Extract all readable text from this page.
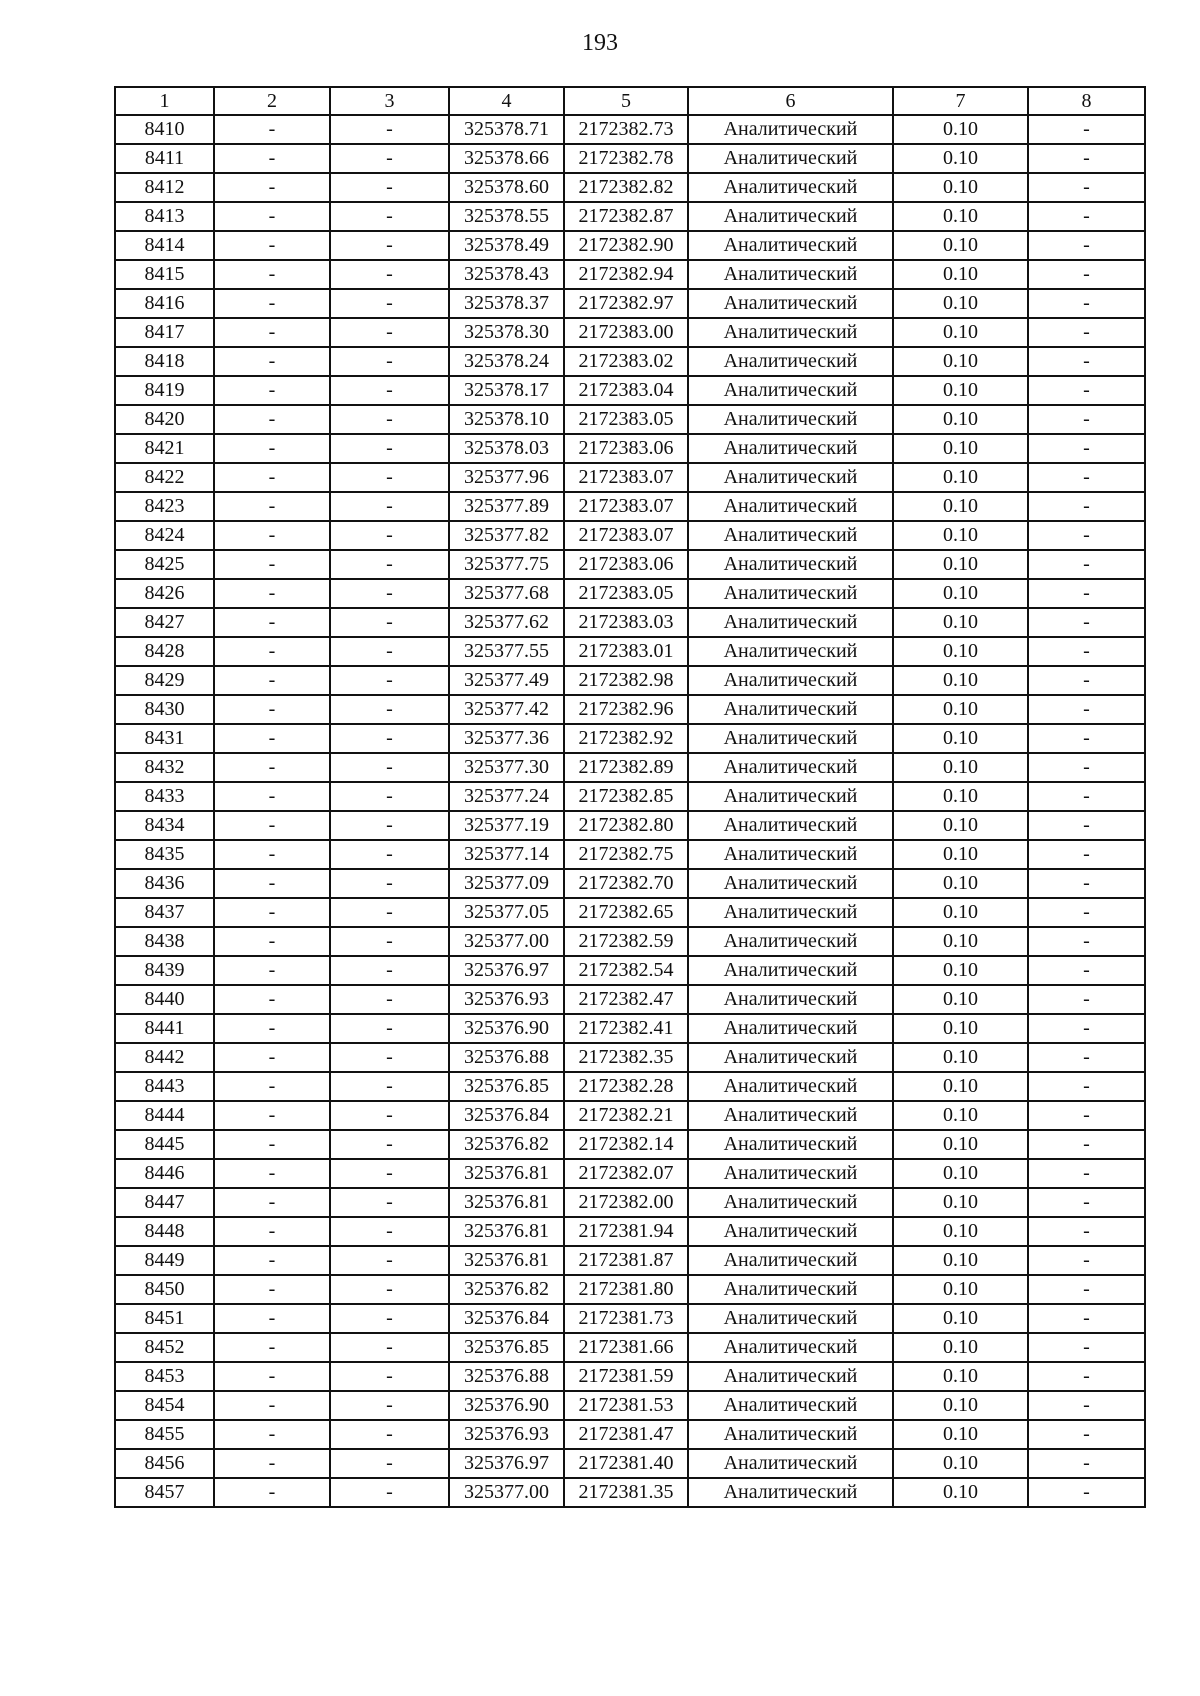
193
1	2	3	4	5	6	7	8
8410	-	-	325378.71	2172382.73	Аналитический	0.10	-
8411	-	-	325378.66	2172382.78	Аналитический	0.10	-
8412	-	-	325378.60	2172382.82	Аналитический	0.10	-
8413	-	-	325378.55	2172382.87	Аналитический	0.10	-
8414	-	-	325378.49	2172382.90	Аналитический	0.10	-
8415	-	-	325378.43	2172382.94	Аналитический	0.10	-
8416	-	-	325378.37	2172382.97	Аналитический	0.10	-
8417	-	-	325378.30	2172383.00	Аналитический	0.10	-
8418	-	-	325378.24	2172383.02	Аналитический	0.10	-
8419	-	-	325378.17	2172383.04	Аналитический	0.10	-
8420	-	-	325378.10	2172383.05	Аналитический	0.10	-
8421	-	-	325378.03	2172383.06	Аналитический	0.10	-
8422	-	-	325377.96	2172383.07	Аналитический	0.10	-
8423	-	-	325377.89	2172383.07	Аналитический	0.10	-
8424	-	-	325377.82	2172383.07	Аналитический	0.10	-
8425	-	-	325377.75	2172383.06	Аналитический	0.10	-
8426	-	-	325377.68	2172383.05	Аналитический	0.10	-
8427	-	-	325377.62	2172383.03	Аналитический	0.10	-
8428	-	-	325377.55	2172383.01	Аналитический	0.10	-
8429	-	-	325377.49	2172382.98	Аналитический	0.10	-
8430	-	-	325377.42	2172382.96	Аналитический	0.10	-
8431	-	-	325377.36	2172382.92	Аналитический	0.10	-
8432	-	-	325377.30	2172382.89	Аналитический	0.10	-
8433	-	-	325377.24	2172382.85	Аналитический	0.10	-
8434	-	-	325377.19	2172382.80	Аналитический	0.10	-
8435	-	-	325377.14	2172382.75	Аналитический	0.10	-
8436	-	-	325377.09	2172382.70	Аналитический	0.10	-
8437	-	-	325377.05	2172382.65	Аналитический	0.10	-
8438	-	-	325377.00	2172382.59	Аналитический	0.10	-
8439	-	-	325376.97	2172382.54	Аналитический	0.10	-
8440	-	-	325376.93	2172382.47	Аналитический	0.10	-
8441	-	-	325376.90	2172382.41	Аналитический	0.10	-
8442	-	-	325376.88	2172382.35	Аналитический	0.10	-
8443	-	-	325376.85	2172382.28	Аналитический	0.10	-
8444	-	-	325376.84	2172382.21	Аналитический	0.10	-
8445	-	-	325376.82	2172382.14	Аналитический	0.10	-
8446	-	-	325376.81	2172382.07	Аналитический	0.10	-
8447	-	-	325376.81	2172382.00	Аналитический	0.10	-
8448	-	-	325376.81	2172381.94	Аналитический	0.10	-
8449	-	-	325376.81	2172381.87	Аналитический	0.10	-
8450	-	-	325376.82	2172381.80	Аналитический	0.10	-
8451	-	-	325376.84	2172381.73	Аналитический	0.10	-
8452	-	-	325376.85	2172381.66	Аналитический	0.10	-
8453	-	-	325376.88	2172381.59	Аналитический	0.10	-
8454	-	-	325376.90	2172381.53	Аналитический	0.10	-
8455	-	-	325376.93	2172381.47	Аналитический	0.10	-
8456	-	-	325376.97	2172381.40	Аналитический	0.10	-
8457	-	-	325377.00	2172381.35	Аналитический	0.10	-
